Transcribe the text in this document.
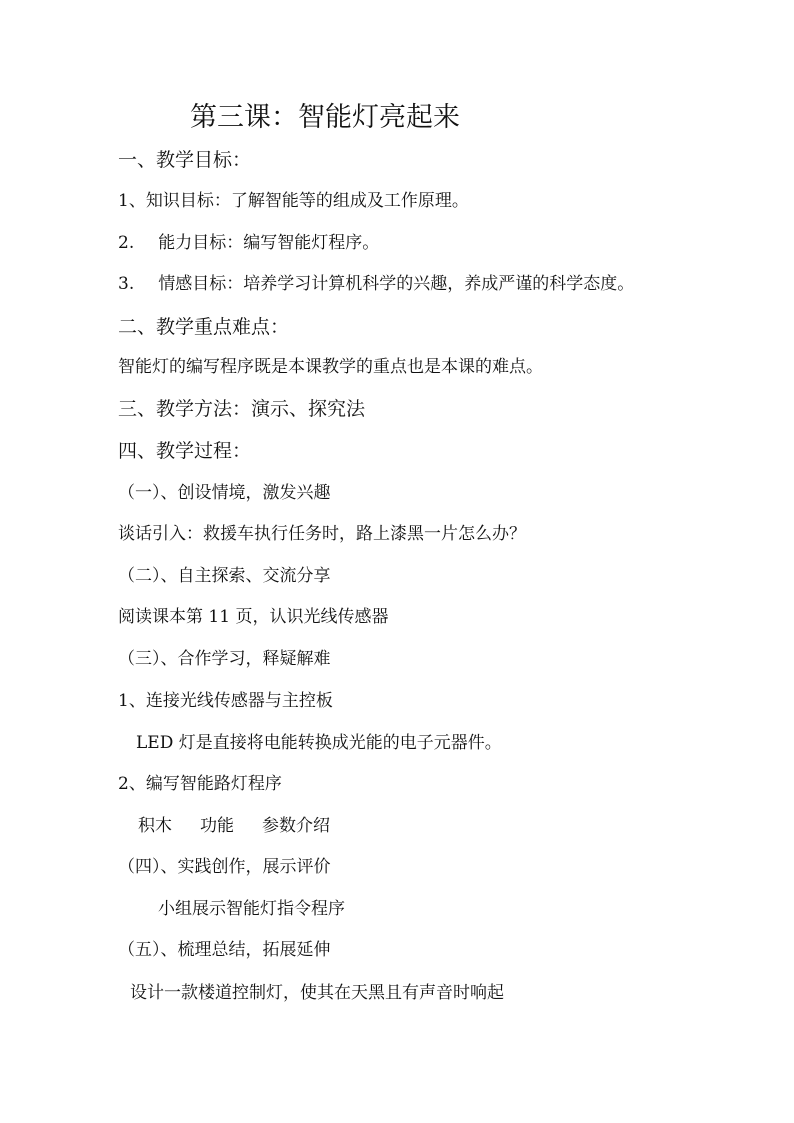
第三课：智能灯亮起来
一、教学目标：
1、知识目标：了解智能等的组成及工作原理。
2. 能力目标：编写智能灯程序。
3. 情感目标：培养学习计算机科学的兴趣，养成严谨的科学态度。
二、教学重点难点：
智能灯的编写程序既是本课教学的重点也是本课的难点。
三、教学方法：演示、探究法
四、教学过程：
（一）、创设情境，激发兴趣
谈话引入：救援车执行任务时，路上漆黑一片怎么办？
（二）、自主探索、交流分享
阅读课本第 11 页，认识光线传感器
（三）、合作学习，释疑解难
1、连接光线传感器与主控板
LED 灯是直接将电能转换成光能的电子元器件。
2、编写智能路灯程序
积木 功能 参数介绍
（四）、实践创作，展示评价
小组展示智能灯指令程序
（五）、梳理总结，拓展延伸
设计一款楼道控制灯，使其在天黑且有声音时响起
